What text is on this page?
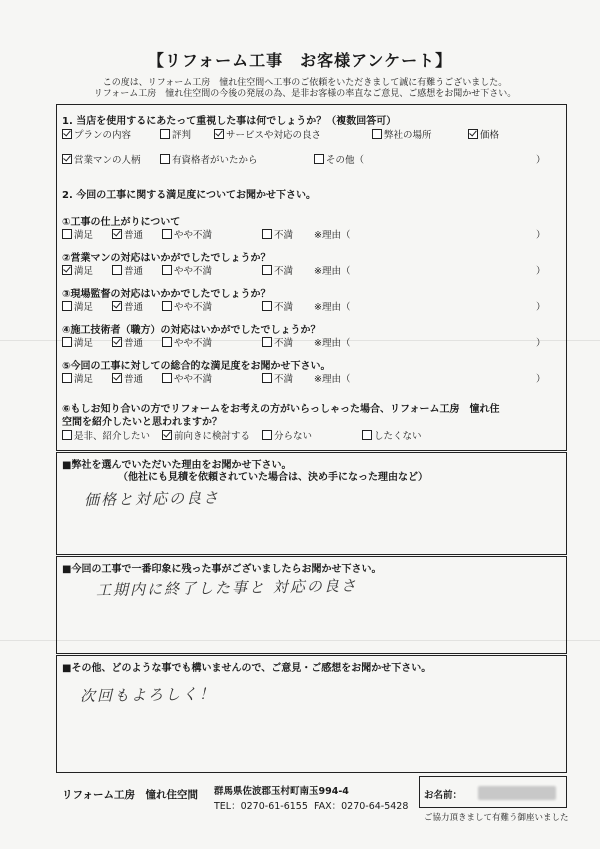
【リフォーム工事　お客様アンケート】
この度は、リフォーム工房　憧れ住空間へ工事のご依頼をいただきまして誠に有難うございました。
リフォーム工房　憧れ住空間の今後の発展の為、是非お客様の率直なご意見、ご感想をお聞かせ下さい。
1. 当店を使用するにあたって重視した事は何でしょうか？（複数回答可）
プランの内容	評判	サービスや対応の良さ	弊社の場所	価格
営業マンの人柄	有資格者がいたから	その他（	）
2. 今回の工事に関する満足度についてお聞かせ下さい。
①工事の仕上がりについて
満足	普通	やや不満	不満 ※理由（	）
②営業マンの対応はいかがでしたでしょうか？
満足	普通	やや不満	不満 ※理由（	）
③現場監督の対応はいかかでしたでしょうか？
満足	普通	やや不満	不満 ※理由（	）
④施工技術者（職方）の対応はいかがでしたでしょうか？
満足	普通	やや不満	不満 ※理由（	）
⑤今回の工事に対しての総合的な満足度をお聞かせ下さい。
満足	普通	やや不満	不満 ※理由（	）
⑥もしお知り合いの方でリフォームをお考えの方がいらっしゃった場合、リフォーム工房　憧れ住
空間を紹介したいと思われますか？
是非、紹介したい	前向きに検討する	分らない	したくない
■弊社を選んでいただいた理由をお聞かせ下さい。
（他社にも見積を依頼されていた場合は、決め手になった理由など）
価格と対応の良さ
■今回の工事で一番印象に残った事がございましたらお聞かせ下さい。
工期内に終了した事と 対応の良さ
■その他、どのような事でも構いませんので、ご意見・ご感想をお聞かせ下さい。
次回もよろしく！
リフォーム工房　憧れ住空間 群馬県佐波郡玉村町南玉994-4
TEL：0270-61-6155 FAX：0270-64-5428
お名前：
ご協力頂きまして有難う御座いました
